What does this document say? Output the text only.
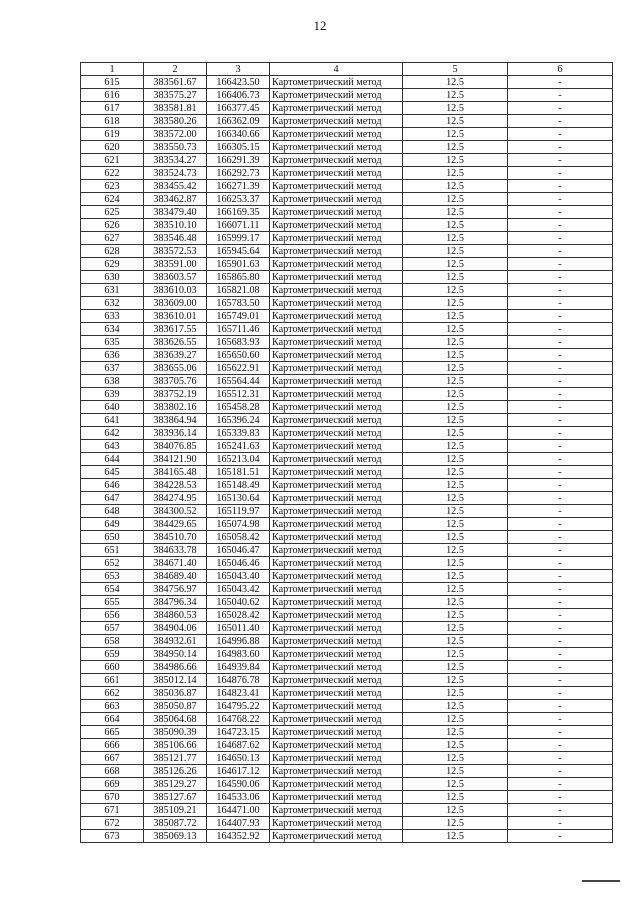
12
1	2	3	4	5	6
615	383561.67	166423.50	Картометрический метод	12.5	-
616	383575.27	166406.73	Картометрический метод	12.5	-
617	383581.81	166377.45	Картометрический метод	12.5	-
618	383580.26	166362.09	Картометрический метод	12.5	-
619	383572.00	166340.66	Картометрический метод	12.5	-
620	383550.73	166305.15	Картометрический метод	12.5	-
621	383534.27	166291.39	Картометрический метод	12.5	-
622	383524.73	166292.73	Картометрический метод	12.5	-
623	383455.42	166271.39	Картометрический метод	12.5	-
624	383462.87	166253.37	Картометрический метод	12.5	-
625	383479.40	166169.35	Картометрический метод	12.5	-
626	383510.10	166071.11	Картометрический метод	12.5	-
627	383546.48	165999.17	Картометрический метод	12.5	-
628	383572.53	165945.64	Картометрический метод	12.5	-
629	383591.00	165901.63	Картометрический метод	12.5	-
630	383603.57	165865.80	Картометрический метод	12.5	-
631	383610.03	165821.08	Картометрический метод	12.5	-
632	383609.00	165783.50	Картометрический метод	12.5	-
633	383610.01	165749.01	Картометрический метод	12.5	-
634	383617.55	165711.46	Картометрический метод	12.5	-
635	383626.55	165683.93	Картометрический метод	12.5	-
636	383639.27	165650.60	Картометрический метод	12.5	-
637	383655.06	165622.91	Картометрический метод	12.5	-
638	383705.76	165564.44	Картометрический метод	12.5	-
639	383752.19	165512.31	Картометрический метод	12.5	-
640	383802.16	165458.28	Картометрический метод	12.5	-
641	383864.94	165396.24	Картометрический метод	12.5	-
642	383936.14	165339.83	Картометрический метод	12.5	-
643	384076.85	165241.63	Картометрический метод	12.5	-
644	384121.90	165213.04	Картометрический метод	12.5	-
645	384165.48	165181.51	Картометрический метод	12.5	-
646	384228.53	165148.49	Картометрический метод	12.5	-
647	384274.95	165130.64	Картометрический метод	12.5	-
648	384300.52	165119.97	Картометрический метод	12.5	-
649	384429.65	165074.98	Картометрический метод	12.5	-
650	384510.70	165058.42	Картометрический метод	12.5	-
651	384633.78	165046.47	Картометрический метод	12.5	-
652	384671.40	165046.46	Картометрический метод	12.5	-
653	384689.40	165043.40	Картометрический метод	12.5	-
654	384756.97	165043.42	Картометрический метод	12.5	-
655	384796.34	165040.62	Картометрический метод	12.5	-
656	384860.53	165028.42	Картометрический метод	12.5	-
657	384904.06	165011.40	Картометрический метод	12.5	-
658	384932.61	164996.88	Картометрический метод	12.5	-
659	384950.14	164983.60	Картометрический метод	12.5	-
660	384986.66	164939.84	Картометрический метод	12.5	-
661	385012.14	164876.78	Картометрический метод	12.5	-
662	385036.87	164823.41	Картометрический метод	12.5	-
663	385050.87	164795.22	Картометрический метод	12.5	-
664	385064.68	164768.22	Картометрический метод	12.5	-
665	385090.39	164723.15	Картометрический метод	12.5	-
666	385106.66	164687.62	Картометрический метод	12.5	-
667	385121.77	164650.13	Картометрический метод	12.5	-
668	385126.26	164617.12	Картометрический метод	12.5	-
669	385129.27	164590.06	Картометрический метод	12.5	-
670	385127.67	164533.06	Картометрический метод	12.5	-
671	385109.21	164471.00	Картометрический метод	12.5	-
672	385087.72	164407.93	Картометрический метод	12.5	-
673	385069.13	164352.92	Картометрический метод	12.5	-
